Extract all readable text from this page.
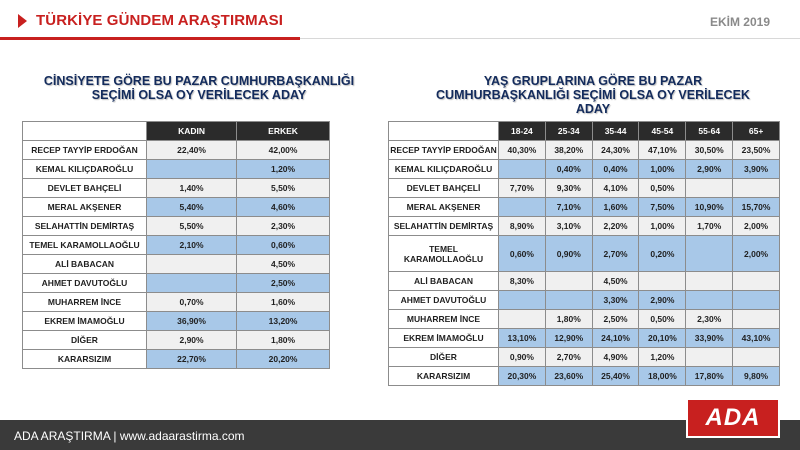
TÜRKİYE GÜNDEM ARAŞTIRMASI	EKİM 2019
CİNSİYETE GÖRE BU PAZAR CUMHURBAŞKANLIĞI
SEÇİMİ OLSA OY VERİLECEK ADAY
YAŞ GRUPLARINA GÖRE BU PAZAR
CUMHURBAŞKANLIĞI SEÇİMİ OLSA OY VERİLECEK
ADAY
	KADIN	ERKEK
RECEP TAYYİP ERDOĞAN	22,40%	42,00%
KEMAL KILIÇDAROĞLU		1,20%
DEVLET BAHÇELİ	1,40%	5,50%
MERAL AKŞENER	5,40%	4,60%
SELAHATTİN DEMİRTAŞ	5,50%	2,30%
TEMEL KARAMOLLAOĞLU	2,10%	0,60%
ALİ BABACAN		4,50%
AHMET DAVUTOĞLU		2,50%
MUHARREM İNCE	0,70%	1,60%
EKREM İMAMOĞLU	36,90%	13,20%
DİĞER	2,90%	1,80%
KARARSIZIM	22,70%	20,20%
	18-24	25-34	35-44	45-54	55-64	65+
RECEP TAYYİP ERDOĞAN	40,30%	38,20%	24,30%	47,10%	30,50%	23,50%
KEMAL KILIÇDAROĞLU		0,40%	0,40%	1,00%	2,90%	3,90%
DEVLET BAHÇELİ	7,70%	9,30%	4,10%	0,50%		
MERAL AKŞENER		7,10%	1,60%	7,50%	10,90%	15,70%
SELAHATTİN DEMİRTAŞ	8,90%	3,10%	2,20%	1,00%	1,70%	2,00%
TEMEL KARAMOLLAOĞLU	0,60%	0,90%	2,70%	0,20%		2,00%
ALİ BABACAN	8,30%		4,50%			
AHMET DAVUTOĞLU			3,30%	2,90%		
MUHARREM İNCE		1,80%	2,50%	0,50%	2,30%	
EKREM İMAMOĞLU	13,10%	12,90%	24,10%	20,10%	33,90%	43,10%
DİĞER	0,90%	2,70%	4,90%	1,20%		
KARARSIZIM	20,30%	23,60%	25,40%	18,00%	17,80%	9,80%
ADA ARAŞTIRMA | www.adaarastirma.com
ADA
